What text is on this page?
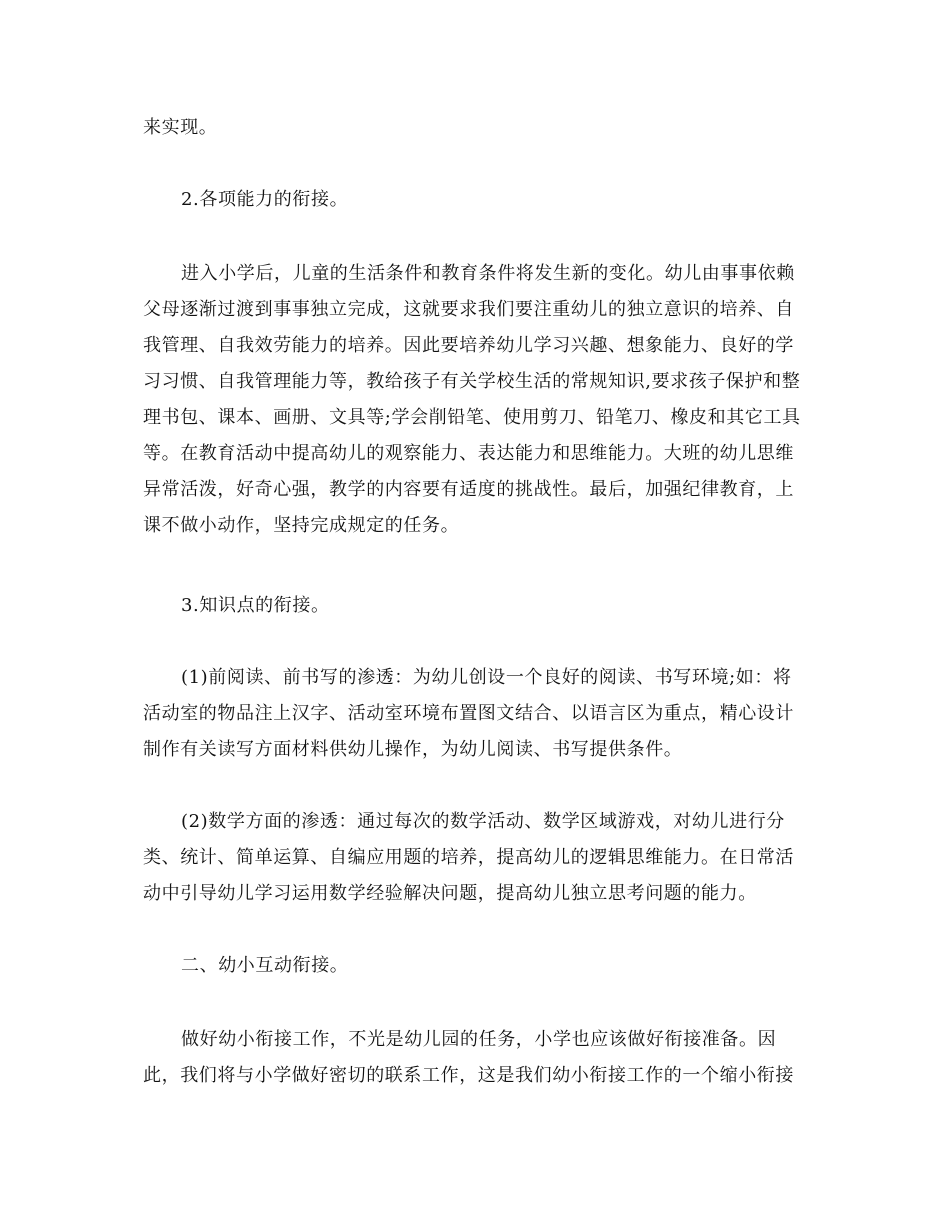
来实现。
2.各项能力的衔接。
进入小学后，儿童的生活条件和教育条件将发生新的变化。幼儿由事事依赖
父母逐渐过渡到事事独立完成，这就要求我们要注重幼儿的独立意识的培养、自
我管理、自我效劳能力的培养。因此要培养幼儿学习兴趣、想象能力、良好的学
习习惯、自我管理能力等，教给孩子有关学校生活的常规知识,要求孩子保护和整
理书包、课本、画册、文具等;学会削铅笔、使用剪刀、铅笔刀、橡皮和其它工具
等。在教育活动中提高幼儿的观察能力、表达能力和思维能力。大班的幼儿思维
异常活泼，好奇心强，教学的内容要有适度的挑战性。最后，加强纪律教育，上
课不做小动作，坚持完成规定的任务。
3.知识点的衔接。
(1)前阅读、前书写的渗透：为幼儿创设一个良好的阅读、书写环境;如：将
活动室的物品注上汉字、活动室环境布置图文结合、以语言区为重点，精心设计
制作有关读写方面材料供幼儿操作，为幼儿阅读、书写提供条件。
(2)数学方面的渗透：通过每次的数学活动、数学区域游戏，对幼儿进行分
类、统计、简单运算、自编应用题的培养，提高幼儿的逻辑思维能力。在日常活
动中引导幼儿学习运用数学经验解决问题，提高幼儿独立思考问题的能力。
二、幼小互动衔接。
做好幼小衔接工作，不光是幼儿园的任务，小学也应该做好衔接准备。因
此，我们将与小学做好密切的联系工作，这是我们幼小衔接工作的一个缩小衔接
